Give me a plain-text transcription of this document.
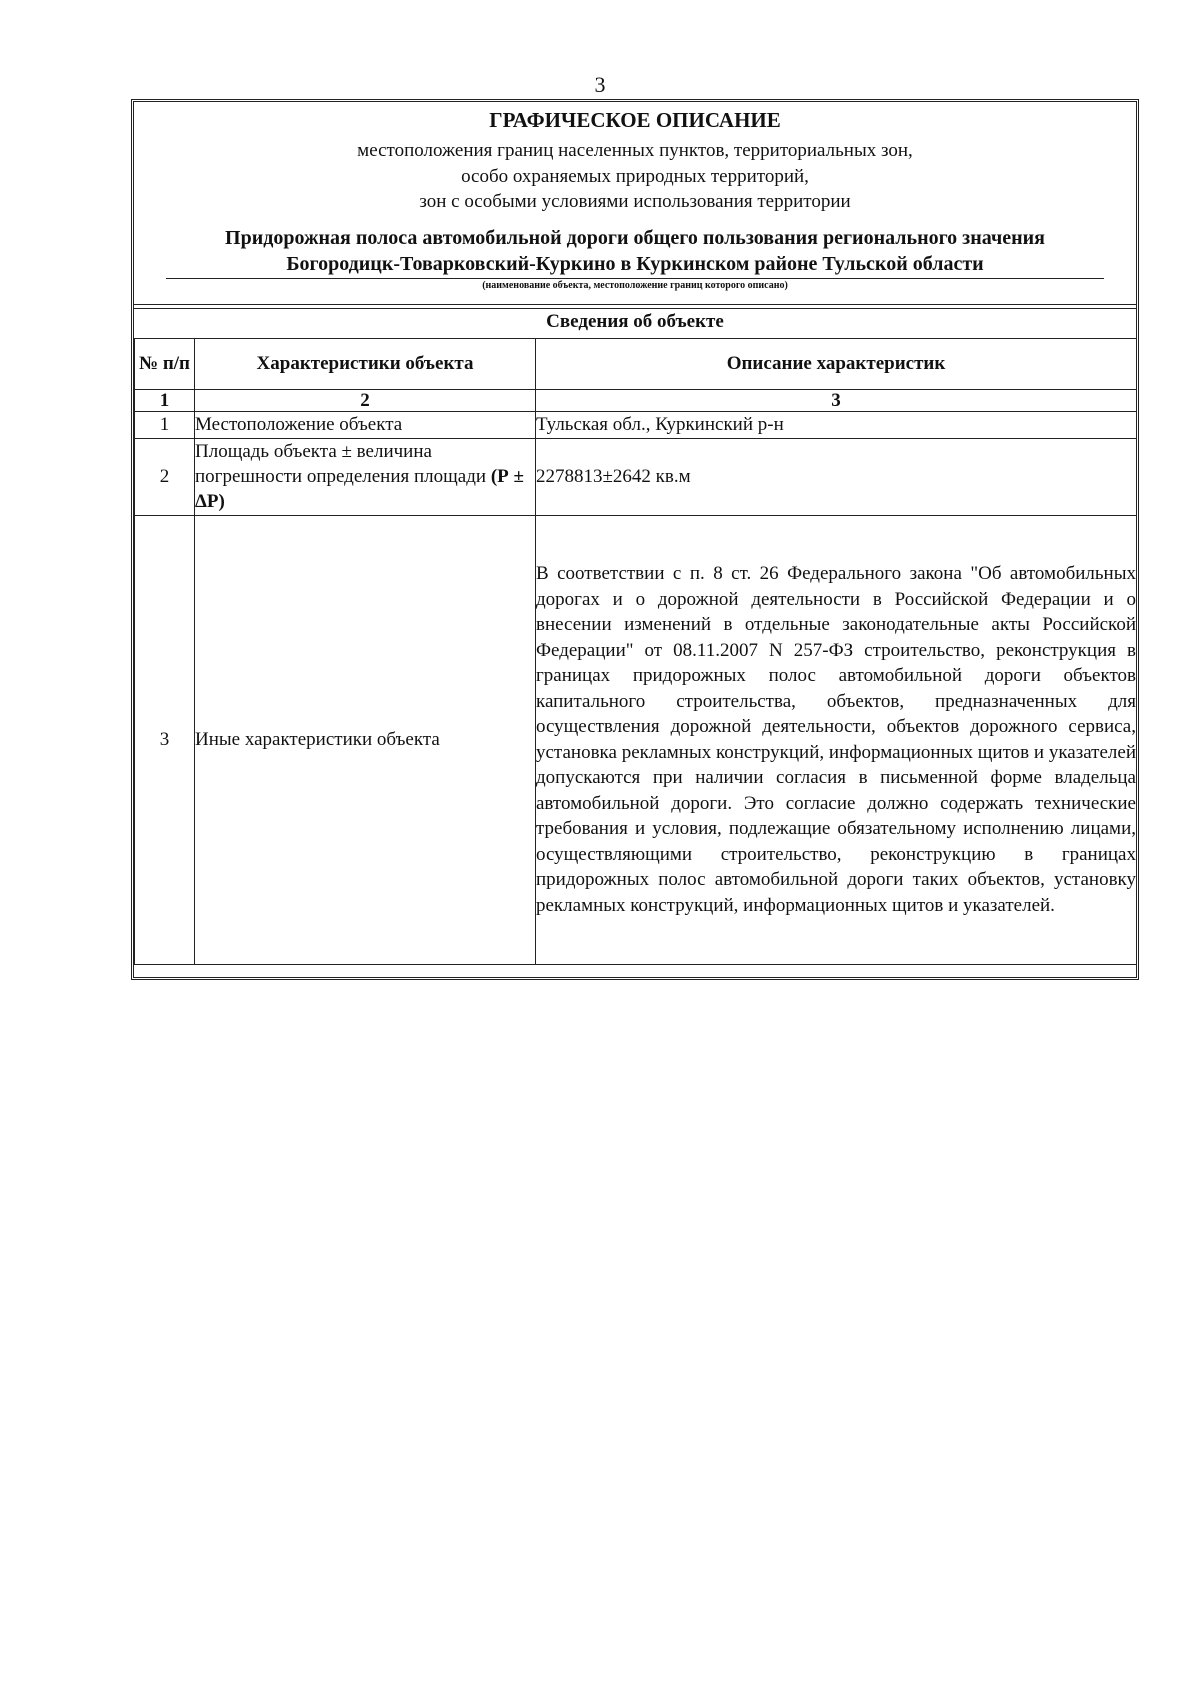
3
ГРАФИЧЕСКОЕ ОПИСАНИЕ
местоположения границ населенных пунктов, территориальных зон,
особо охраняемых природных территорий,
зон с особыми условиями использования территории
Придорожная полоса автомобильной дороги общего пользования регионального значения
Богородицк-Товарковский-Куркино в Куркинском районе Тульской области
(наименование объекта, местоположение границ которого описано)
Сведения об объекте
№ п/п	Характеристики объекта	Описание характеристик
1	2	3
1	Местоположение объекта	Тульская обл., Куркинский р-н
2	Площадь объекта ± величина погрешности определения площади (Р ± ΔР)	2278813±2642 кв.м
3	Иные характеристики объекта	В соответствии с п. 8 ст. 26 Федерального закона "Об автомобильных дорогах и о дорожной деятельности в Российской Федерации и о внесении изменений в отдельные законодательные акты Российской Федерации" от 08.11.2007 N 257-ФЗ строительство, реконструкция в границах придорожных полос автомобильной дороги объектов капитального строительства, объектов, предназначенных для осуществления дорожной деятельности, объектов дорожного сервиса, установка рекламных конструкций, информационных щитов и указателей допускаются при наличии согласия в письменной форме владельца автомобильной дороги. Это согласие должно содержать технические требования и условия, подлежащие обязательному исполнению лицами, осуществляющими строительство, реконструкцию в границах придорожных полос автомобильной дороги таких объектов, установку рекламных конструкций, информационных щитов и указателей.
